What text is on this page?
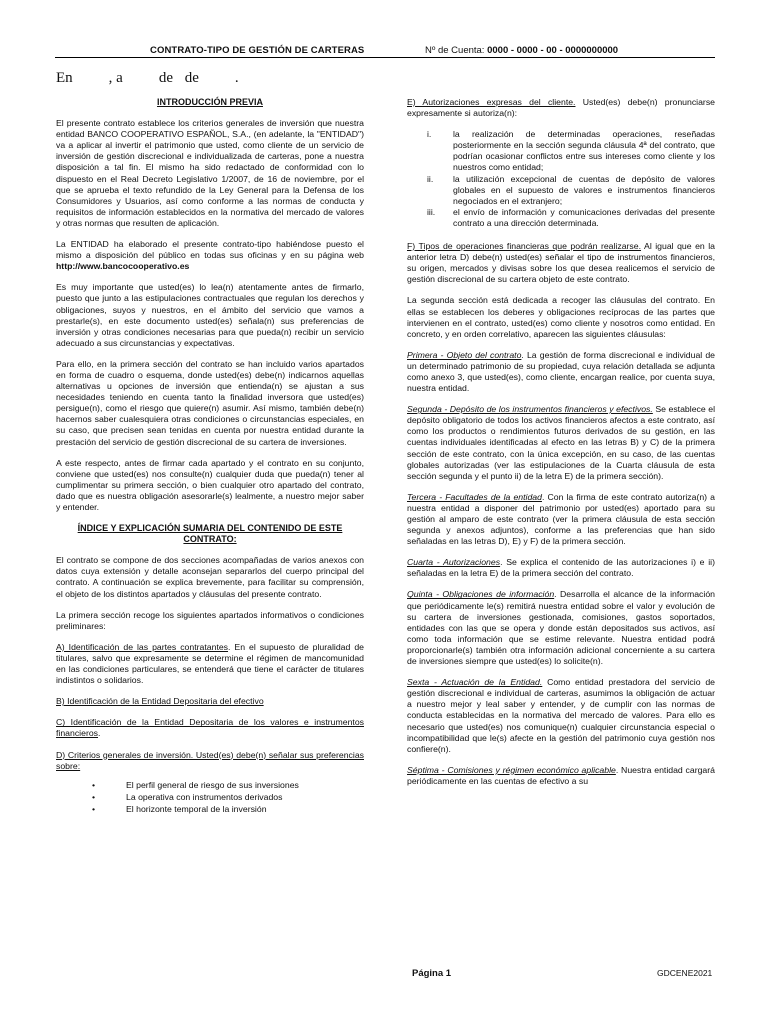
CONTRATO-TIPO DE GESTIÓN DE CARTERAS	Nº de Cuenta: 0000 - 0000 - 00 - 0000000000
En , a de de .
INTRODUCCIÓN PREVIA

El presente contrato establece los criterios generales de inversión que nuestra entidad BANCO COOPERATIVO ESPAÑOL, S.A., (en adelante, la "ENTIDAD") va a aplicar al invertir el patrimonio que usted, como cliente de un servicio de inversión de gestión discrecional e individualizada de carteras, pone a nuestra disposición a tal fin. El mismo ha sido redactado de conformidad con lo dispuesto en el Real Decreto Legislativo 1/2007, de 16 de noviembre, por el que se aprueba el texto refundido de la Ley General para la Defensa de los Consumidores y Usuarios, así como conforme a las normas de conducta y requisitos de información establecidos en la normativa del mercado de valores y otras normas que resulten de aplicación.

La ENTIDAD ha elaborado el presente contrato-tipo habiéndose puesto el mismo a disposición del público en todas sus oficinas y en su página web http://www.bancocooperativo.es

Es muy importante que usted(es) lo lea(n) atentamente antes de firmarlo, puesto que junto a las estipulaciones contractuales que regulan los derechos y obligaciones, suyos y nuestros, en el ámbito del servicio que vamos a prestarle(s), en este documento usted(es) señala(n) sus preferencias de inversión y otras condiciones necesarias para que pueda(n) recibir un servicio adecuado a sus circunstancias y expectativas.

Para ello, en la primera sección del contrato se han incluido varios apartados en forma de cuadro o esquema, donde usted(es) debe(n) indicarnos aquellas alternativas u opciones de inversión que entienda(n) se ajustan a sus necesidades teniendo en cuenta tanto la finalidad inversora que usted(es) persigue(n), como el riesgo que quiere(n) asumir. Así mismo, también debe(n) hacernos saber cualesquiera otras condiciones o circunstancias especiales, en su caso, que precisen sean tenidas en cuenta por nuestra entidad durante la prestación del servicio de gestión discrecional de su cartera de inversiones.

A este respecto, antes de firmar cada apartado y el contrato en su conjunto, conviene que usted(es) nos consulte(n) cualquier duda que pueda(n) tener al cumplimentar su primera sección, o bien cualquier otro apartado del contrato, dado que es nuestra obligación asesorarle(s) lealmente, a nuestro mejor saber y entender.

ÍNDICE Y EXPLICACIÓN SUMARIA DEL CONTENIDO DE ESTE CONTRATO:

El contrato se compone de dos secciones acompañadas de varios anexos con datos cuya extensión y detalle aconsejan separarlos del cuerpo principal del contrato. A continuación se explica brevemente, para facilitar su comprensión, el objeto de los distintos apartados y cláusulas del presente contrato.

La primera sección recoge los siguientes apartados informativos o condiciones preliminares:

A) Identificación de las partes contratantes. En el supuesto de pluralidad de titulares, salvo que expresamente se determine el régimen de mancomunidad en las condiciones particulares, se entenderá que tiene el carácter de titulares indistintos o solidarios.

B) Identificación de la Entidad Depositaria del efectivo

C) Identificación de la Entidad Depositaria de los valores e instrumentos financieros.

D) Criterios generales de inversión. Usted(es) debe(n) señalar sus preferencias sobre:

• El perfil general de riesgo de sus inversiones
• La operativa con instrumentos derivados
• El horizonte temporal de la inversión

E) Autorizaciones expresas del cliente. Usted(es) debe(n) pronunciarse expresamente si autoriza(n):

i.	la realización de determinadas operaciones, reseñadas posteriormente en la sección segunda cláusula 4ª del contrato, que podrían ocasionar conflictos entre sus intereses como cliente y los nuestros como entidad;
ii.	la utilización excepcional de cuentas de depósito de valores globales en el supuesto de valores e instrumentos financieros negociados en el extranjero;
iii.	el envío de información y comunicaciones derivadas del presente contrato a una dirección determinada.

F) Tipos de operaciones financieras que podrán realizarse. Al igual que en la anterior letra D) debe(n) usted(es) señalar el tipo de instrumentos financieros, su origen, mercados y divisas sobre los que desea realicemos el servicio de gestión discrecional de su cartera objeto de este contrato.

La segunda sección está dedicada a recoger las cláusulas del contrato. En ellas se establecen los deberes y obligaciones recíprocas de las partes que intervienen en el contrato, usted(es) como cliente y nosotros como entidad. En concreto, y en orden correlativo, aparecen las siguientes cláusulas:

Primera - Objeto del contrato. La gestión de forma discrecional e individual de un determinado patrimonio de su propiedad, cuya relación detallada se adjunta como anexo 3, que usted(es), como cliente, encargan realice, por cuenta suya, nuestra entidad.

Segunda - Depósito de los instrumentos financieros y efectivos. Se establece el depósito obligatorio de todos los activos financieros afectos a este contrato, así como los productos o rendimientos futuros derivados de su gestión, en las cuentas individuales identificadas al efecto en las letras B) y C) de la primera sección de este contrato, con la única excepción, en su caso, de las cuentas globales autorizadas (ver las estipulaciones de la Cuarta cláusula de esta sección segunda y el punto ii) de la letra E) de la primera sección).

Tercera - Facultades de la entidad. Con la firma de este contrato autoriza(n) a nuestra entidad a disponer del patrimonio por usted(es) aportado para su gestión al amparo de este contrato (ver la primera cláusula de esta sección segunda y anexos adjuntos), conforme a las preferencias que han sido señaladas en las letras D), E) y F) de la primera sección.

Cuarta - Autorizaciones. Se explica el contenido de las autorizaciones i) e ii) señaladas en la letra E) de la primera sección del contrato.

Quinta - Obligaciones de información. Desarrolla el alcance de la información que periódicamente le(s) remitirá nuestra entidad sobre el valor y evolución de su cartera de inversiones gestionada, comisiones, gastos soportados, entidades con las que se opera y donde están depositados sus activos, así como toda información que se estime relevante. Nuestra entidad podrá proporcionarle(s) también otra información adicional concerniente a su cartera de inversiones siempre que usted(es) lo solicite(n).

Sexta - Actuación de la Entidad. Como entidad prestadora del servicio de gestión discrecional e individual de carteras, asumimos la obligación de actuar a nuestro mejor y leal saber y entender, y de cumplir con las normas de conducta establecidas en la normativa del mercado de valores. Para ello es necesario que usted(es) nos comunique(n) cualquier circunstancia especial o incompatibilidad que le(s) afecte en la gestión del patrimonio cuya gestión nos confiere(n).

Séptima - Comisiones y régimen económico aplicable. Nuestra entidad cargará periódicamente en las cuentas de efectivo a su

Página 1	GDCENE2021
